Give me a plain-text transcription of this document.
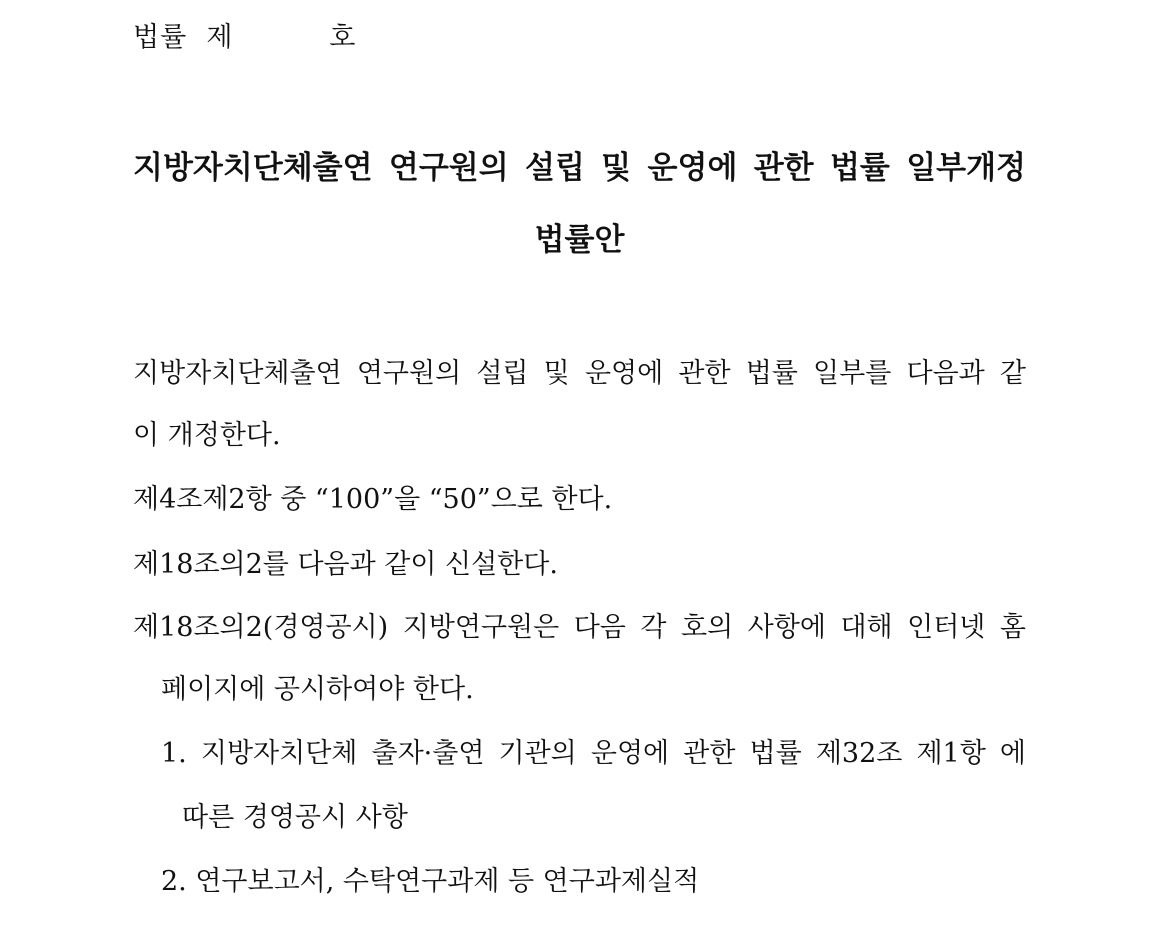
법률  제          호
지방자치단체출연 연구원의 설립 및 운영에 관한 법률 일부개정
법률안
지방자치단체출연 연구원의 설립 및 운영에 관한 법률 일부를 다음과 같
이 개정한다.
제4조제2항 중 “100”을 “50”으로 한다.
제18조의2를 다음과 같이 신설한다.
제18조의2(경영공시) 지방연구원은 다음 각 호의 사항에 대해 인터넷 홈
페이지에 공시하여야 한다.
1. 지방자치단체 출자·출연 기관의 운영에 관한 법률 제32조 제1항 에
따른 경영공시 사항
2. 연구보고서, 수탁연구과제 등 연구과제실적
